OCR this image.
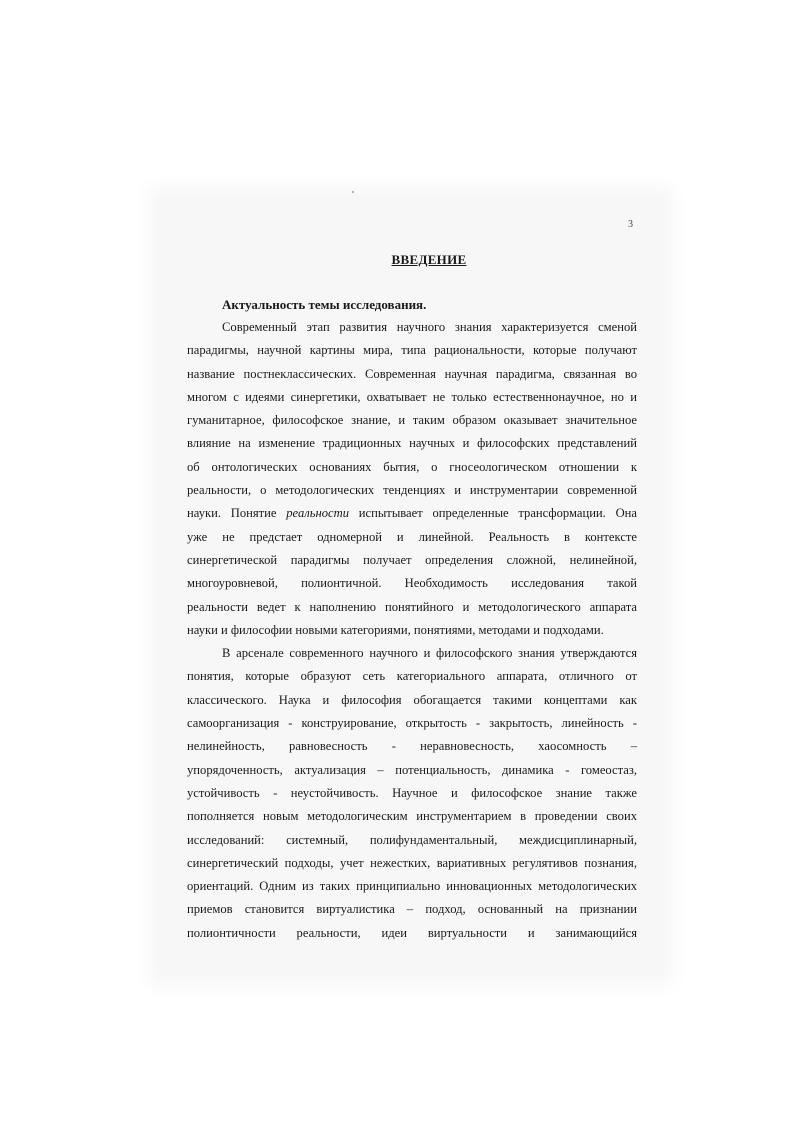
3
ВВЕДЕНИЕ
Актуальность темы исследования.
Современный этап развития научного знания характеризуется сменой
парадигмы, научной картины мира, типа рациональности, которые получают
название постнеклассических. Современная научная парадигма, связанная во
многом с идеями синергетики, охватывает не только естественнонаучное, но и
гуманитарное, философское знание, и таким образом оказывает значительное
влияние на изменение традиционных научных и философских представлений
об онтологических основаниях бытия, о гносеологическом отношении к
реальности, о методологических тенденциях и инструментарии современной
науки. Понятие реальности испытывает определенные трансформации. Она
уже не предстает одномерной и линейной. Реальность в контексте
синергетической парадигмы получает определения сложной, нелинейной,
многоуровневой, полионтичной. Необходимость исследования такой
реальности ведет к наполнению понятийного и методологического аппарата
науки и философии новыми категориями, понятиями, методами и подходами.
В арсенале современного научного и философского знания утверждаются
понятия, которые образуют сеть категориального аппарата, отличного от
классического. Наука и философия обогащается такими концептами как
самоорганизация - конструирование, открытость - закрытость, линейность -
нелинейность, равновесность - неравновесность, хаосомность –
упорядоченность, актуализация – потенциальность, динамика - гомеостаз,
устойчивость - неустойчивость. Научное и философское знание также
пополняется новым методологическим инструментарием в проведении своих
исследований: системный, полифундаментальный, междисциплинарный,
синергетический подходы, учет нежестких, вариативных регулятивов познания,
ориентаций. Одним из таких принципиально инновационных методологических
приемов становится виртуалистика – подход, основанный на признании
полионтичности реальности, идеи виртуальности и занимающийся
